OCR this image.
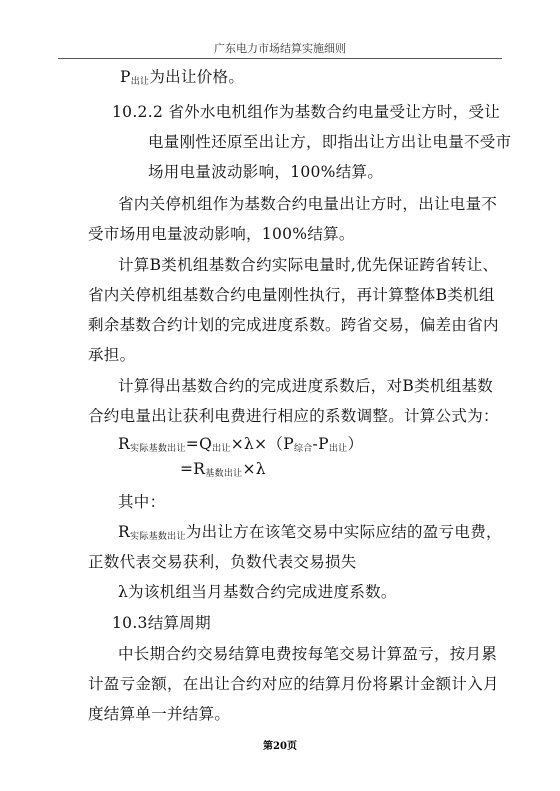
广东电力市场结算实施细则
$P_{出让}$为出让价格。
10.2.2 省外水电机组作为基数合约电量受让方时，受让
电量刚性还原至出让方，即指出让方出让电量不受市
场用电量波动影响，100%结算。
省内关停机组作为基数合约电量出让方时，出让电量不
受市场用电量波动影响，100%结算。
计算B类机组基数合约实际电量时,优先保证跨省转让、
省内关停机组基数合约电量刚性执行，再计算整体B类机组
剩余基数合约计划的完成进度系数。跨省交易，偏差由省内
承担。
计算得出基数合约的完成进度系数后，对B类机组基数
合约电量出让获利电费进行相应的系数调整。计算公式为：
$R_{实际基数出让}=Q_{出让}\times\lambda\times(P_{综合}-P_{出让})$
$=R_{基数出让}\times\lambda$
其中：
$R_{实际基数出让}$为出让方在该笔交易中实际应结的盈亏电费，
正数代表交易获利，负数代表交易损失
λ为该机组当月基数合约完成进度系数。
10.3结算周期
中长期合约交易结算电费按每笔交易计算盈亏，按月累
计盈亏金额，在出让合约对应的结算月份将累计金额计入月
度结算单一并结算。
第20页
